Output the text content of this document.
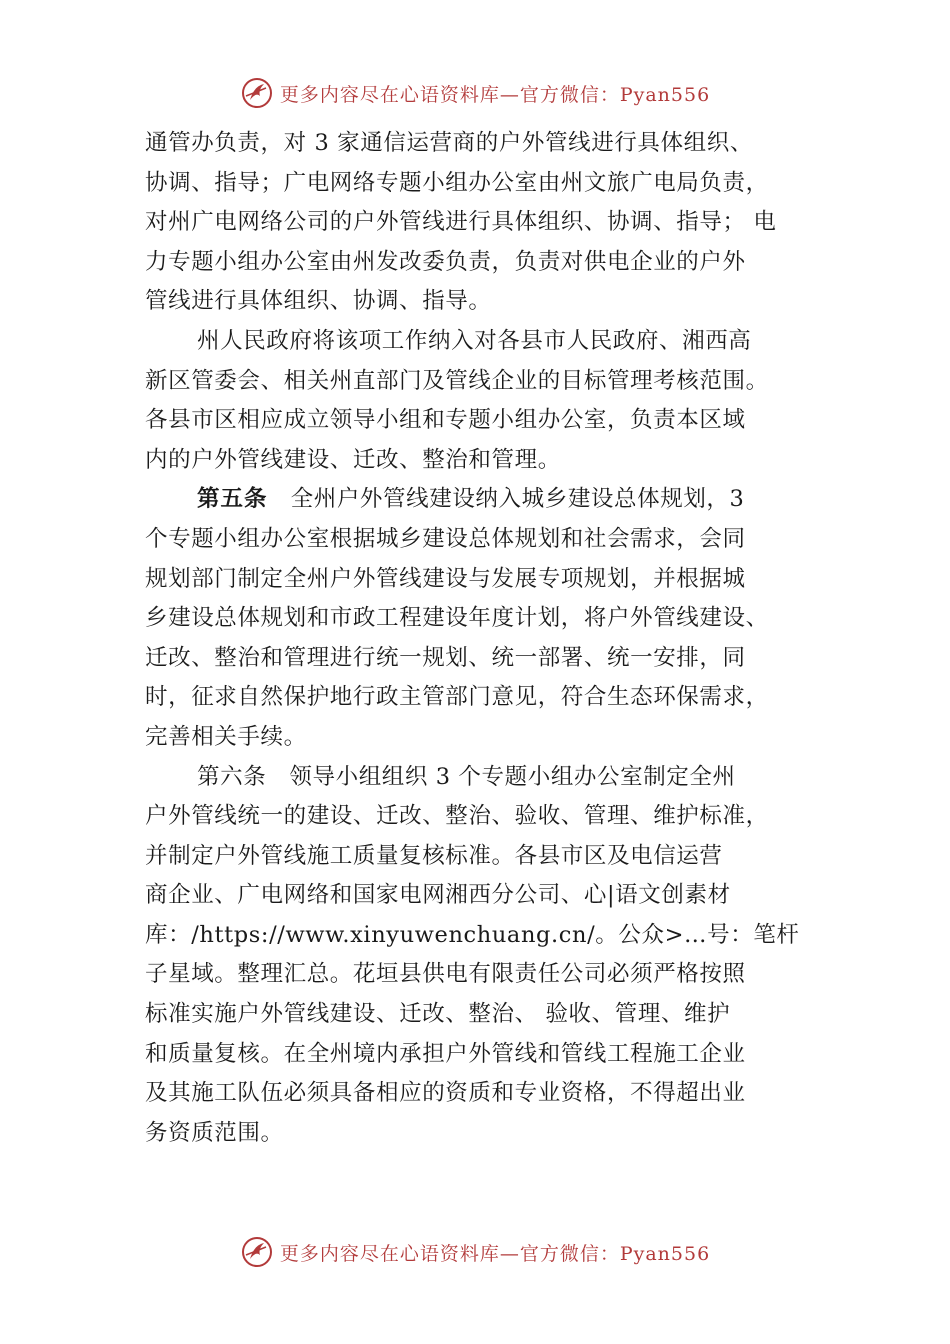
更多内容尽在心语资料库—官方微信：Pyan556
通管办负责，对 3 家通信运营商的户外管线进行具体组织、
协调、指导；广电网络专题小组办公室由州文旅广电局负责，
对州广电网络公司的户外管线进行具体组织、协调、指导； 电
力专题小组办公室由州发改委负责，负责对供电企业的户外
管线进行具体组织、协调、指导。
州人民政府将该项工作纳入对各县市人民政府、湘西高
新区管委会、相关州直部门及管线企业的目标管理考核范围。
各县市区相应成立领导小组和专题小组办公室，负责本区域
内的户外管线建设、迁改、整治和管理。
第五条　全州户外管线建设纳入城乡建设总体规划，3
个专题小组办公室根据城乡建设总体规划和社会需求，会同
规划部门制定全州户外管线建设与发展专项规划，并根据城
乡建设总体规划和市政工程建设年度计划，将户外管线建设、
迁改、整治和管理进行统一规划、统一部署、统一安排，同
时，征求自然保护地行政主管部门意见，符合生态环保需求，
完善相关手续。
第六条　领导小组组织 3 个专题小组办公室制定全州
户外管线统一的建设、迁改、整治、验收、管理、维护标准，
并制定户外管线施工质量复核标准。各县市区及电信运营
商企业、广电网络和国家电网湘西分公司、心|语文创素材
库：/https://www.xinyuwenchuang.cn/。公众>…号：笔杆
子星域。整理汇总。花垣县供电有限责任公司必须严格按照
标准实施户外管线建设、迁改、整治、 验收、管理、维护
和质量复核。在全州境内承担户外管线和管线工程施工企业
及其施工队伍必须具备相应的资质和专业资格，不得超出业
务资质范围。
更多内容尽在心语资料库—官方微信：Pyan556
